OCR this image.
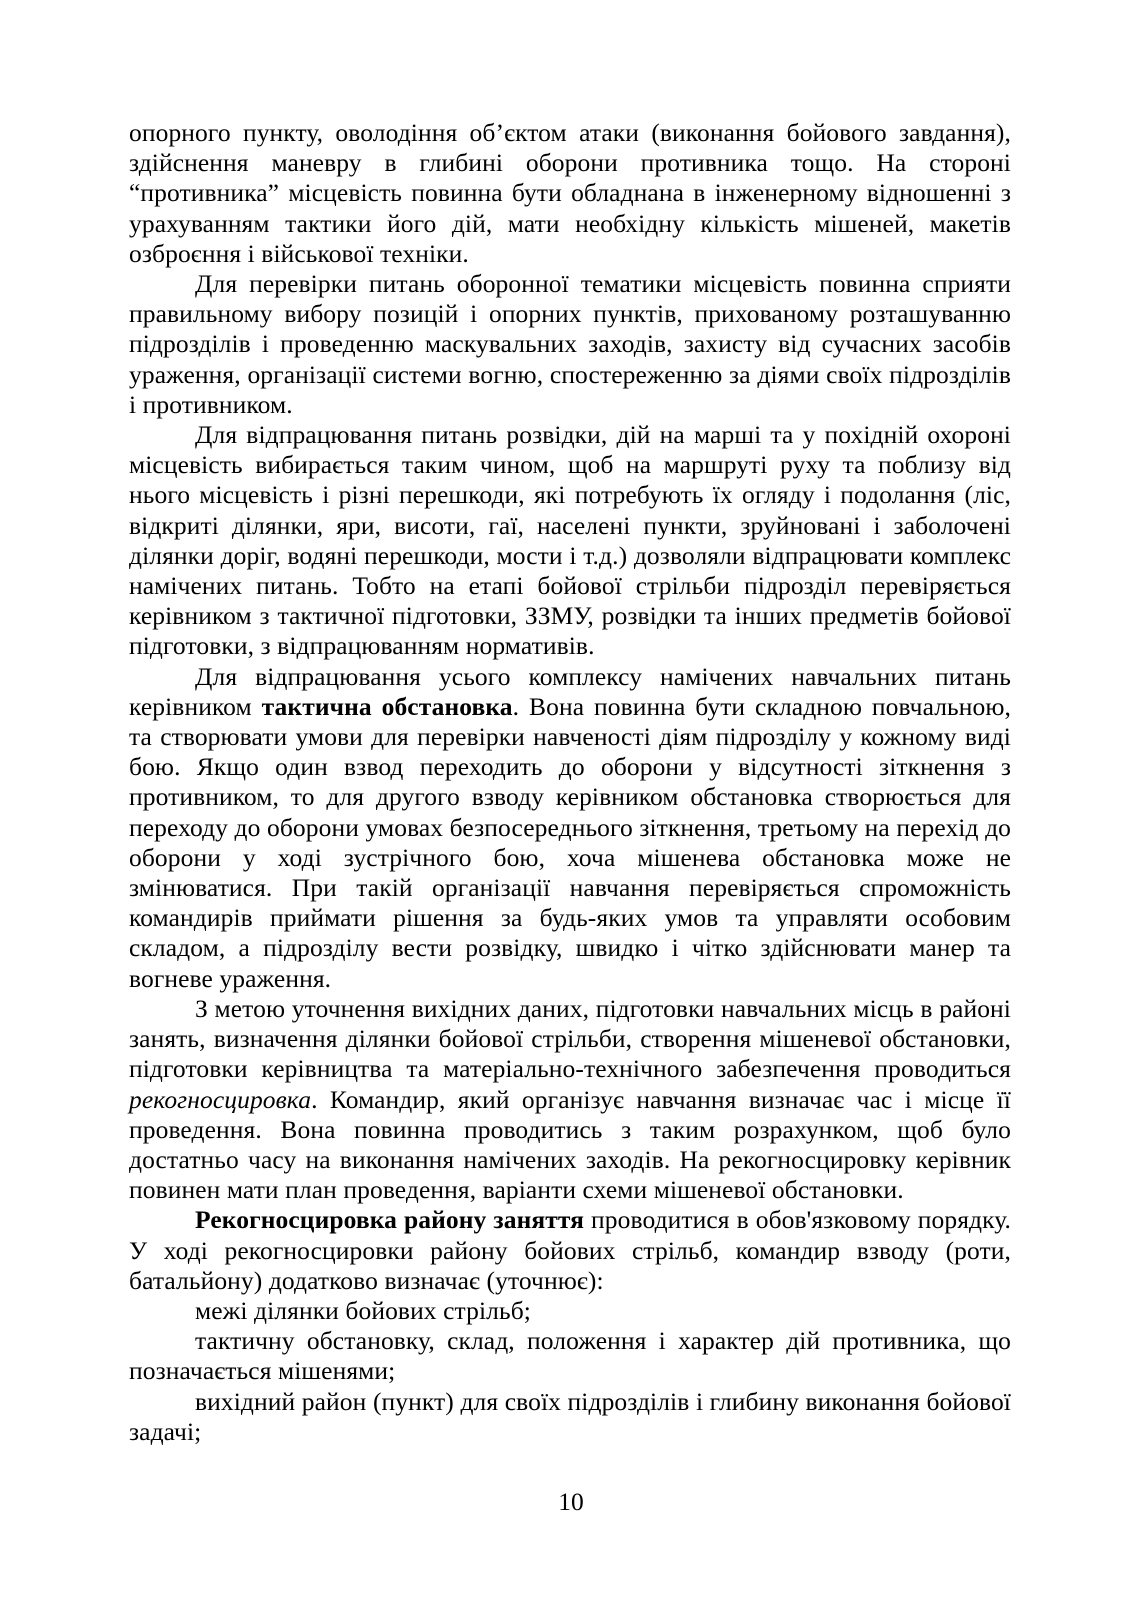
опорного пункту, оволодіння об’єктом атаки (виконання бойового завдання), здійснення маневру в глибині оборони противника тощо. На стороні “противника” місцевість повинна бути обладнана в інженерному відношенні з урахуванням тактики його дій, мати необхідну кількість мішеней, макетів озброєння і військової техніки.

Для перевірки питань оборонної тематики місцевість повинна сприяти правильному вибору позицій і опорних пунктів, прихованому розташуванню підрозділів і проведенню маскувальних заходів, захисту від сучасних засобів ураження, організації системи вогню, спостереженню за діями своїх підрозділів і противником.

Для відпрацювання питань розвідки, дій на марші та у похідній охороні місцевість вибирається таким чином, щоб на маршруті руху та поблизу від нього місцевість і різні перешкоди, які потребують їх огляду і подолання (ліс, відкриті ділянки, яри, висоти, гаї, населені пункти, зруйновані і заболочені ділянки доріг, водяні перешкоди, мости і т.д.) дозволяли відпрацювати комплекс намічених питань. Тобто на етапі бойової стрільби підрозділ перевіряється керівником з тактичної підготовки, ЗЗМУ, розвідки та інших предметів бойової підготовки, з відпрацюванням нормативів.

Для відпрацювання усього комплексу намічених навчальних питань керівником тактична обстановка. Вона повинна бути складною повчальною, та створювати умови для перевірки навченості діям підрозділу у кожному виді бою. Якщо один взвод переходить до оборони у відсутності зіткнення з противником, то для другого взводу керівником обстановка створюється для переходу до оборони умовах безпосереднього зіткнення, третьому на перехід до оборони у ході зустрічного бою, хоча мішенева обстановка може не змінюватися. При такій організації навчання перевіряється спроможність командирів приймати рішення за будь-яких умов та управляти особовим складом, а підрозділу вести розвідку, швидко і чітко здійснювати манер та вогневе ураження.

З метою уточнення вихідних даних, підготовки навчальних місць в районі занять, визначення ділянки бойової стрільби, створення мішеневої обстановки, підготовки керівництва та матеріально-технічного забезпечення проводиться рекогносцировка. Командир, який організує навчання визначає час і місце її проведення. Вона повинна проводитись з таким розрахунком, щоб було достатньо часу на виконання намічених заходів. На рекогносцировку керівник повинен мати план проведення, варіанти схеми мішеневої обстановки.

Рекогносцировка району заняття проводитися в обов'язковому порядку. У ході рекогносцировки району бойових стрільб, командир взводу (роти, батальйону) додатково визначає (уточнює):

межі ділянки бойових стрільб;

тактичну обстановку, склад, положення і характер дій противника, що позначається мішенями;

вихідний район (пункт) для своїх підрозділів і глибину виконання бойової задачі;

10
